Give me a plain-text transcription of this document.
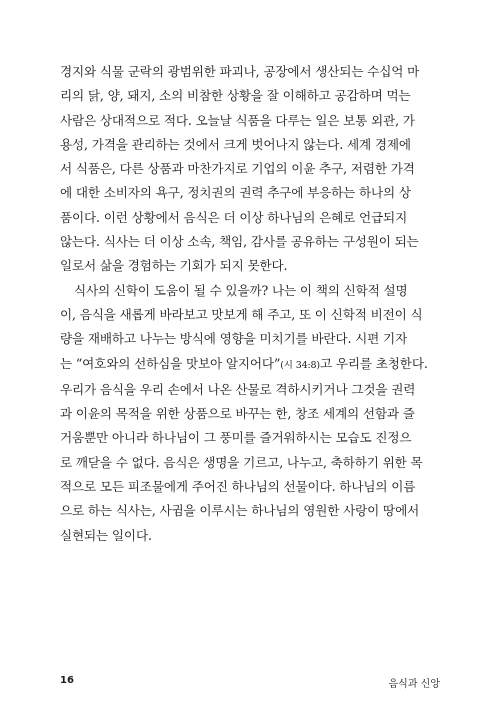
경지와 식물 군락의 광범위한 파괴나, 공장에서 생산되는 수십억 마
리의 닭, 양, 돼지, 소의 비참한 상황을 잘 이해하고 공감하며 먹는
사람은 상대적으로 적다. 오늘날 식품을 다루는 일은 보통 외관, 가
용성, 가격을 관리하는 것에서 크게 벗어나지 않는다. 세계 경제에
서 식품은, 다른 상품과 마찬가지로 기업의 이윤 추구, 저렴한 가격
에 대한 소비자의 욕구, 정치권의 권력 추구에 부응하는 하나의 상
품이다. 이런 상황에서 음식은 더 이상 하나님의 은혜로 언급되지
않는다. 식사는 더 이상 소속, 책임, 감사를 공유하는 구성원이 되는
일로서 삶을 경험하는 기회가 되지 못한다.
식사의 신학이 도움이 될 수 있을까? 나는 이 책의 신학적 설명
이, 음식을 새롭게 바라보고 맛보게 해 주고, 또 이 신학적 비전이 식
량을 재배하고 나누는 방식에 영향을 미치기를 바란다. 시편 기자
는 “여호와의 선하심을 맛보아 알지어다”(시 34:8)고 우리를 초청한다.
우리가 음식을 우리 손에서 나온 산물로 격하시키거나 그것을 권력
과 이윤의 목적을 위한 상품으로 바꾸는 한, 창조 세계의 선함과 즐
거움뿐만 아니라 하나님이 그 풍미를 즐거워하시는 모습도 진정으
로 깨닫을 수 없다. 음식은 생명을 기르고, 나누고, 축하하기 위한 목
적으로 모든 피조물에게 주어진 하나님의 선물이다. 하나님의 이름
으로 하는 식사는, 사귐을 이루시는 하나님의 영원한 사랑이 땅에서
실현되는 일이다.
16	음식과 신앙
